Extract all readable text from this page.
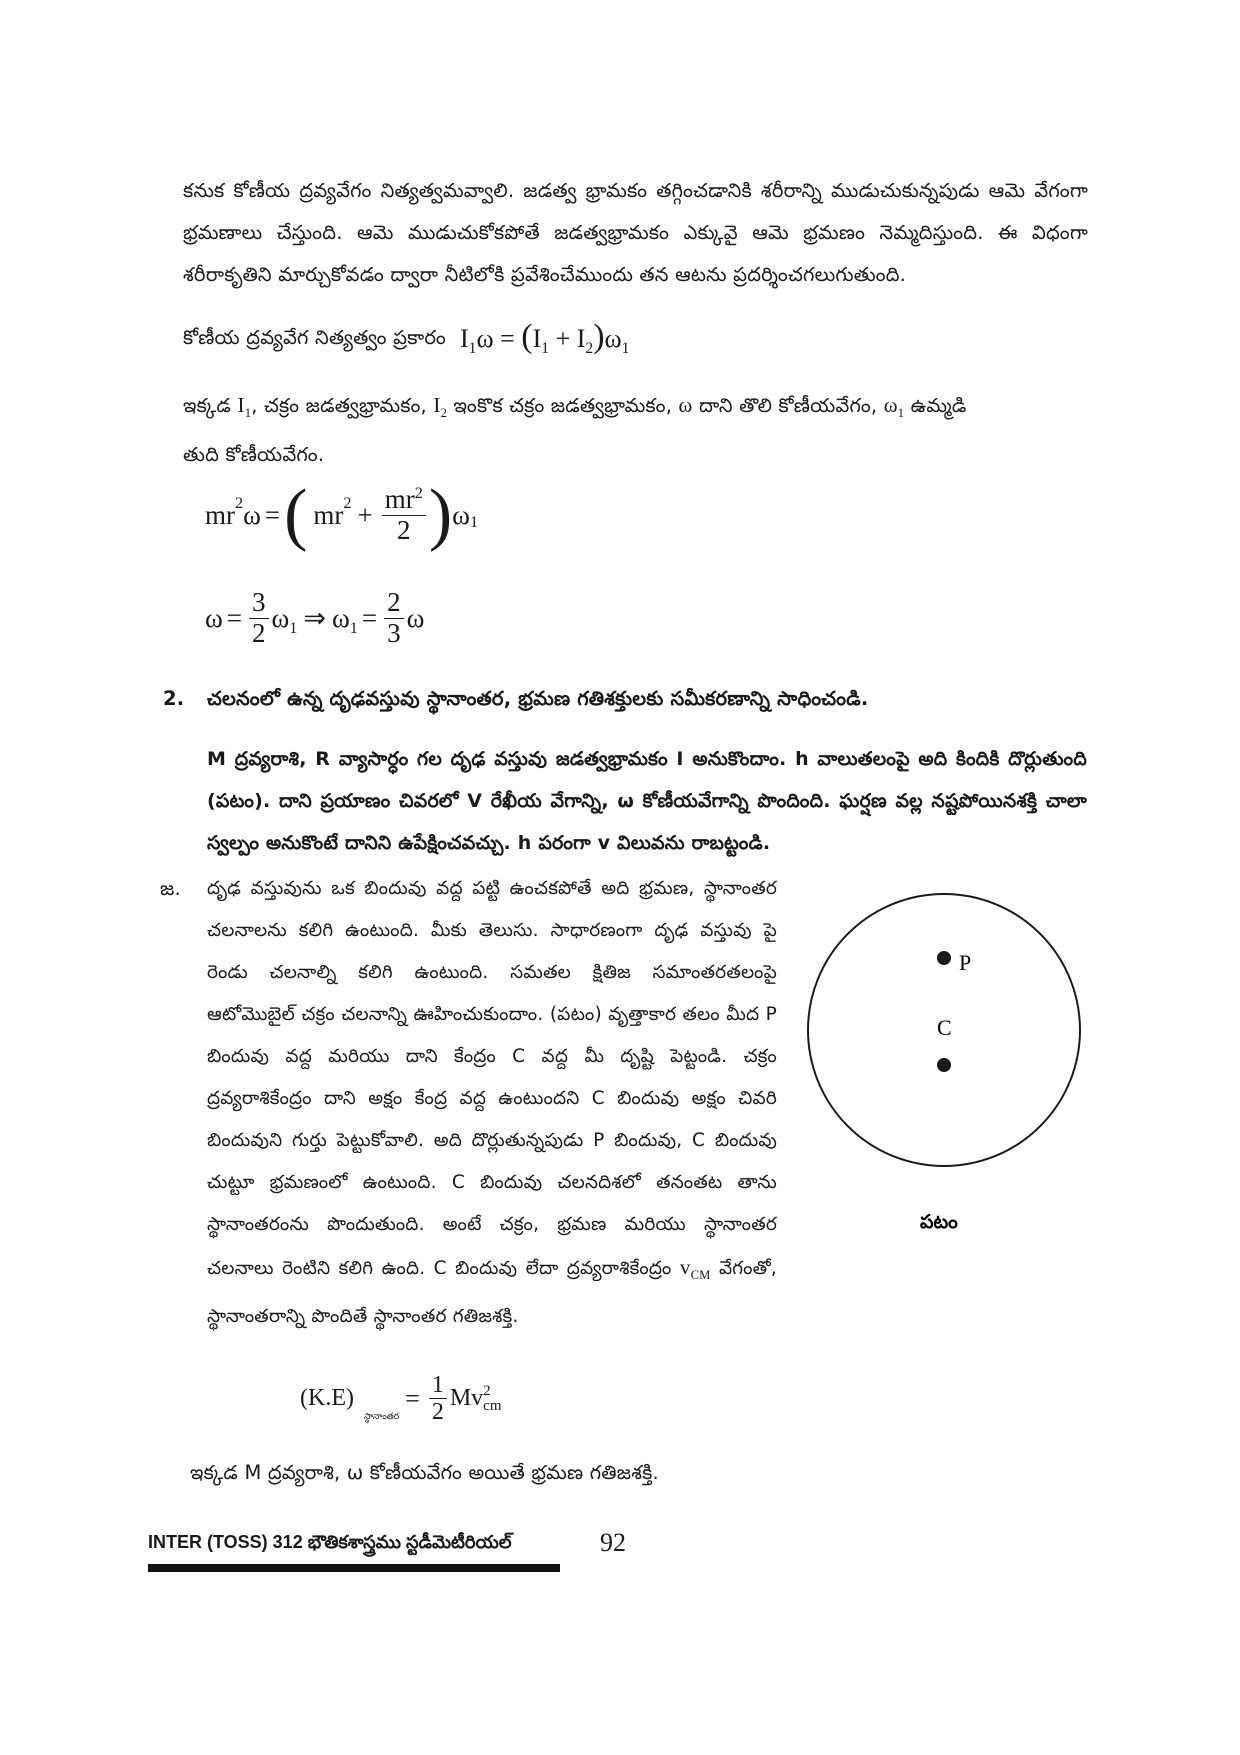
కనుక కోణీయ ద్రవ్యవేగం నిత్యత్వమవ్వాలి. జడత్వ భ్రామకం తగ్గించడానికి శరీరాన్ని ముడుచుకున్నపుడు ఆమె వేగంగా భ్రమణాలు చేస్తుంది. ఆమె ముడుచుకోకపోతే జడత్వభ్రామకం ఎక్కువై ఆమె భ్రమణం నెమ్మదిస్తుంది. ఈ విధంగా శరీరాకృతిని మార్చుకోవడం ద్వారా నీటిలోకి ప్రవేశించేముందు తన ఆటను ప్రదర్శించగలుగుతుంది.
కోణీయ ద్రవ్యవేగ నిత్యత్వం ప్రకారం $I_1\omega = (I_1 + I_2)\omega_1$
ఇక్కడ $I_1$, చక్రం జడత్వభ్రామకం, $I_2$ ఇంకొక చక్రం జడత్వభ్రామకం, ω దాని తొలి కోణీయవేగం, $\omega_1$ ఉమ్మడి
తుది కోణీయవేగం.
$mr^2$ ω = ( $mr^2 + \frac{mr^2}{2}$ ) $\omega_1$
$\omega = \frac{3}{2} \omega_1$ ⇒ $\omega_1 = \frac{2}{3}$ ω
2.	చలనంలో ఉన్న దృఢవస్తువు స్థానాంతర, భ్రమణ గతిశక్తులకు సమీకరణాన్ని సాధించండి.
M ద్రవ్యరాశి, R వ్యాసార్ధం గల దృఢ వస్తువు జడత్వభ్రామకం I అనుకొందాం. h వాలుతలంపై అది కిందికి దొర్లుతుంది (పటం). దాని ప్రయాణం చివరలో V రేఖీయ వేగాన్ని, ω కోణీయవేగాన్ని పొందింది. ఘర్షణ వల్ల నష్టపోయినశక్తి చాలా స్వల్పం అనుకొంటే దానిని ఉపేక్షించవచ్చు. h పరంగా v విలువను రాబట్టండి.
జ.	దృఢ వస్తువును ఒక బిందువు వద్ద పట్టి ఉంచకపోతే అది భ్రమణ, స్థానాంతర చలనాలను కలిగి ఉంటుంది. మీకు తెలుసు. సాధారణంగా దృఢ వస్తువు పై రెండు చలనాల్ని కలిగి ఉంటుంది. సమతల క్షితిజ సమాంతరతలంపై ఆటోమొబైల్ చక్రం చలనాన్ని ఊహించుకుందాం. (పటం) వృత్తాకార తలం మీద P బిందువు వద్ద మరియు దాని కేంద్రం C వద్ద మీ దృష్టి పెట్టండి. చక్రం ద్రవ్యరాశికేంద్రం దాని అక్షం కేంద్ర వద్ద ఉంటుందని C బిందువు అక్షం చివరి బిందువుని గుర్తు పెట్టుకోవాలి. అది దొర్లుతున్నపుడు P బిందువు, C బిందువు చుట్టూ భ్రమణంలో ఉంటుంది. C బిందువు చలనదిశలో తనంతట తాను స్థానాంతరంను పొందుతుంది. అంటే చక్రం, భ్రమణ మరియు స్థానాంతర చలనాలు రెంటిని కలిగి ఉంది. C బిందువు లేదా ద్రవ్యరాశికేంద్రం $v_{CM}$ వేగంతో, స్థానాంతరాన్ని పొందితే స్థానాంతర గతిజశక్తి.
P
C
పటం
(K.E)
$_{స్థానాంతర}$
= $\frac{1}{2}$ Mv 2
cm
ఇక్కడ M ద్రవ్యరాశి, ω కోణీయవేగం అయితే భ్రమణ గతిజశక్తి.
INTER (TOSS) 312 భౌతికశాస్త్రము స్టడీమెటీరియల్	92
